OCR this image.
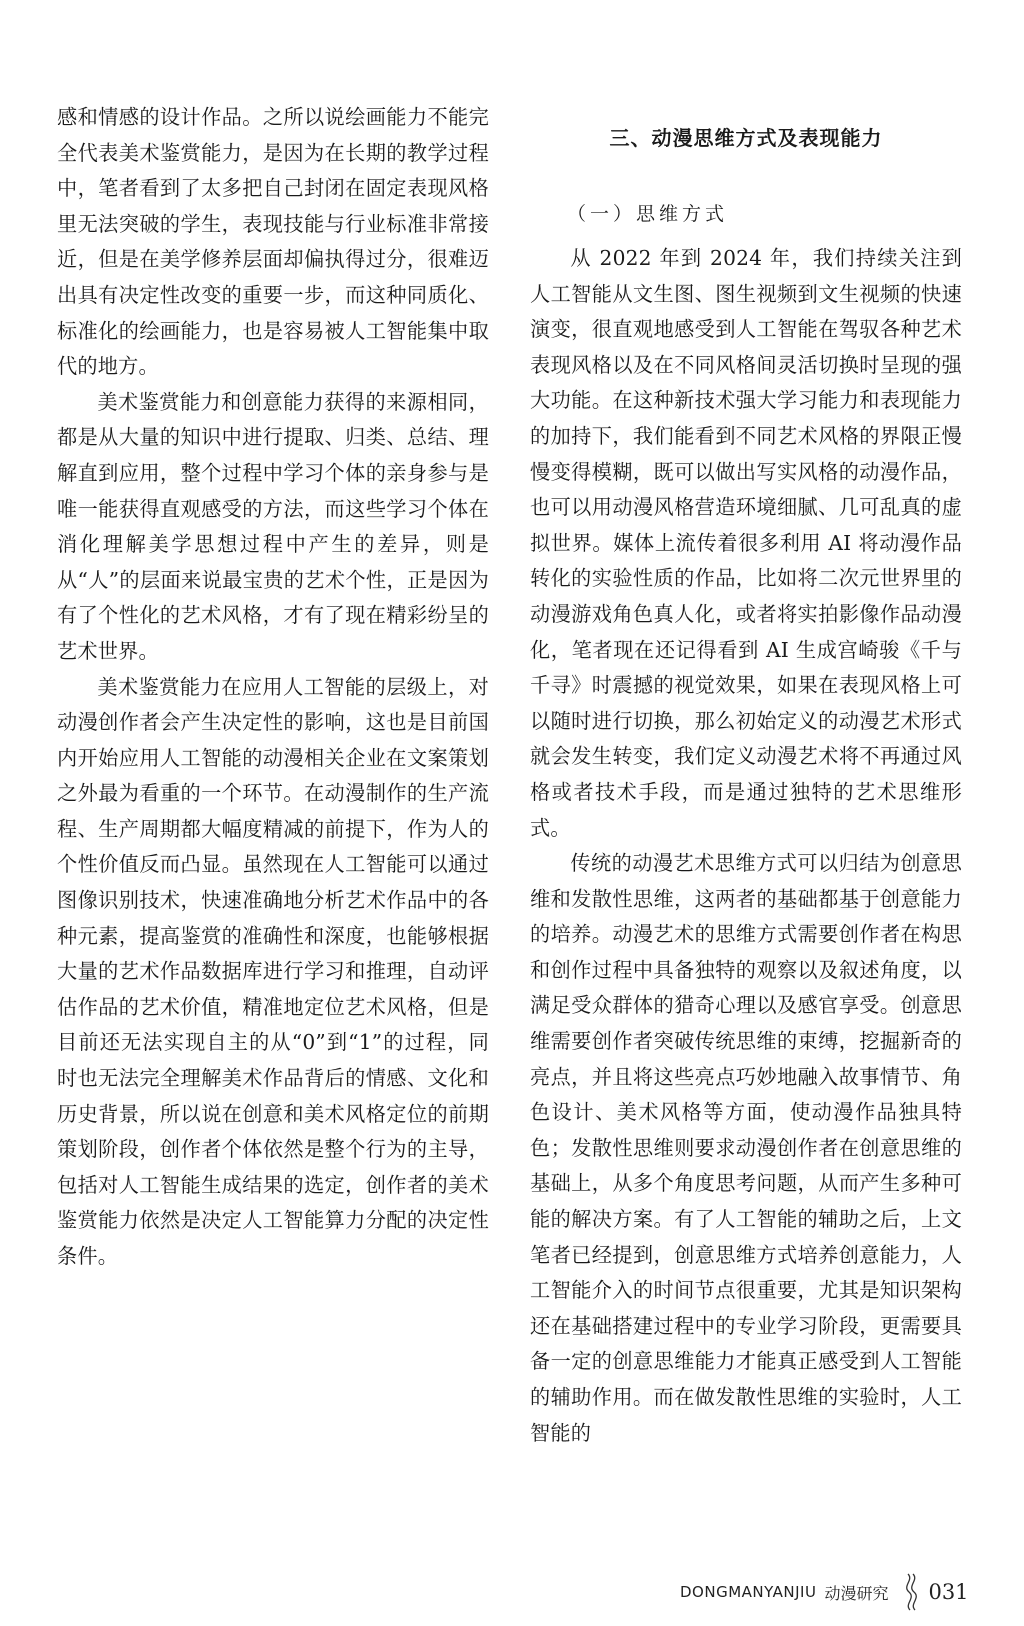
感和情感的设计作品。之所以说绘画能力不能完全代表美术鉴赏能力，是因为在长期的教学过程中，笔者看到了太多把自己封闭在固定表现风格里无法突破的学生，表现技能与行业标准非常接近，但是在美学修养层面却偏执得过分，很难迈出具有决定性改变的重要一步，而这种同质化、标准化的绘画能力，也是容易被人工智能集中取代的地方。

美术鉴赏能力和创意能力获得的来源相同，都是从大量的知识中进行提取、归类、总结、理解直到应用，整个过程中学习个体的亲身参与是唯一能获得直观感受的方法，而这些学习个体在消化理解美学思想过程中产生的差异，则是从“人”的层面来说最宝贵的艺术个性，正是因为有了个性化的艺术风格，才有了现在精彩纷呈的艺术世界。

美术鉴赏能力在应用人工智能的层级上，对动漫创作者会产生决定性的影响，这也是目前国内开始应用人工智能的动漫相关企业在文案策划之外最为看重的一个环节。在动漫制作的生产流程、生产周期都大幅度精减的前提下，作为人的个性价值反而凸显。虽然现在人工智能可以通过图像识别技术，快速准确地分析艺术作品中的各种元素，提高鉴赏的准确性和深度，也能够根据大量的艺术作品数据库进行学习和推理，自动评估作品的艺术价值，精准地定位艺术风格，但是目前还无法实现自主的从“0”到“1”的过程，同时也无法完全理解美术作品背后的情感、文化和历史背景，所以说在创意和美术风格定位的前期策划阶段，创作者个体依然是整个行为的主导，包括对人工智能生成结果的选定，创作者的美术鉴赏能力依然是决定人工智能算力分配的决定性条件。

三、动漫思维方式及表现能力
（一）思维方式

从 2022 年到 2024 年，我们持续关注到人工智能从文生图、图生视频到文生视频的快速演变，很直观地感受到人工智能在驾驭各种艺术表现风格以及在不同风格间灵活切换时呈现的强大功能。在这种新技术强大学习能力和表现能力的加持下，我们能看到不同艺术风格的界限正慢慢变得模糊，既可以做出写实风格的动漫作品，也可以用动漫风格营造环境细腻、几可乱真的虚拟世界。媒体上流传着很多利用 AI 将动漫作品转化的实验性质的作品，比如将二次元世界里的动漫游戏角色真人化，或者将实拍影像作品动漫化，笔者现在还记得看到 AI 生成宫崎骏《千与千寻》时震撼的视觉效果，如果在表现风格上可以随时进行切换，那么初始定义的动漫艺术形式就会发生转变，我们定义动漫艺术将不再通过风格或者技术手段，而是通过独特的艺术思维形式。

传统的动漫艺术思维方式可以归结为创意思维和发散性思维，这两者的基础都基于创意能力的培养。动漫艺术的思维方式需要创作者在构思和创作过程中具备独特的观察以及叙述角度，以满足受众群体的猎奇心理以及感官享受。创意思维需要创作者突破传统思维的束缚，挖掘新奇的亮点，并且将这些亮点巧妙地融入故事情节、角色设计、美术风格等方面，使动漫作品独具特色；发散性思维则要求动漫创作者在创意思维的基础上，从多个角度思考问题，从而产生多种可能的解决方案。有了人工智能的辅助之后，上文笔者已经提到，创意思维方式培养创意能力，人工智能介入的时间节点很重要，尤其是知识架构还在基础搭建过程中的专业学习阶段，更需要具备一定的创意思维能力才能真正感受到人工智能的辅助作用。而在做发散性思维的实验时，人工智能的

DONGMANYANJIU 动漫研究 031
